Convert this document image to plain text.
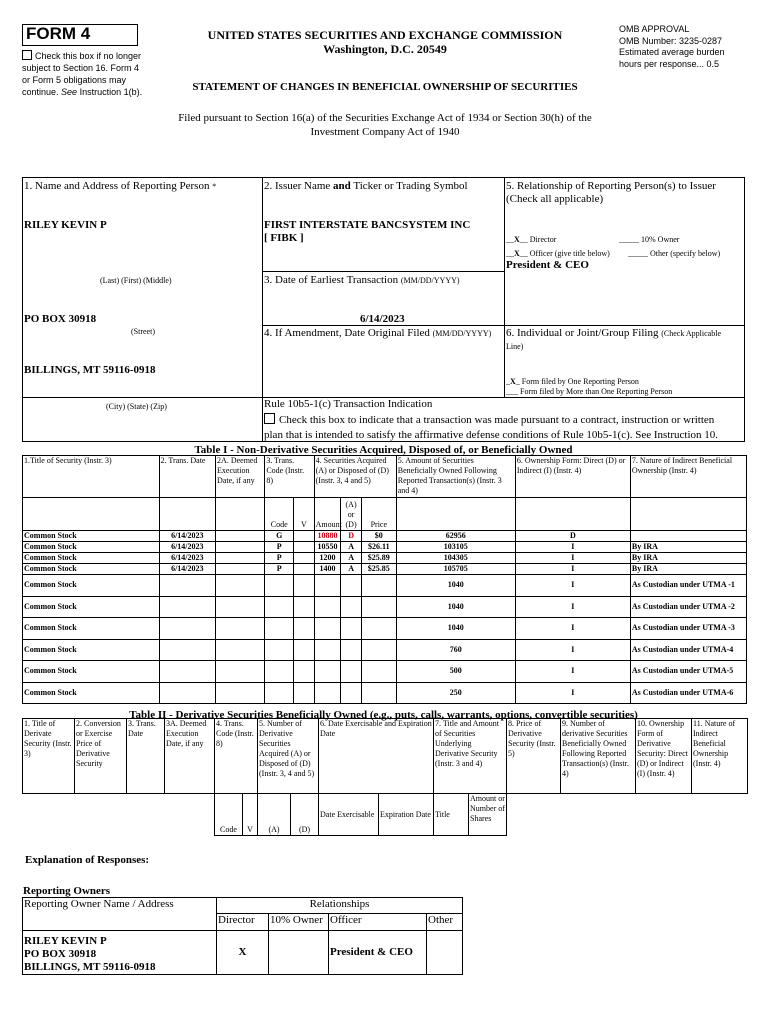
FORM 4
Check this box if no longer
subject to Section 16. Form 4
or Form 5 obligations may
continue. See Instruction 1(b).
UNITED STATES SECURITIES AND EXCHANGE COMMISSION
Washington, D.C. 20549
STATEMENT OF CHANGES IN BENEFICIAL OWNERSHIP OF SECURITIES
OMB APPROVAL
OMB Number: 3235-0287
Estimated average burden
hours per response... 0.5
Filed pursuant to Section 16(a) of the Securities Exchange Act of 1934 or Section 30(h) of the
Investment Company Act of 1940
1. Name and Address of Reporting Person *
RILEY KEVIN P
(Last) (First) (Middle)
PO BOX 30918
(Street)
BILLINGS, MT 59116-0918
(City) (State) (Zip)
2. Issuer Name and Ticker or Trading Symbol
FIRST INTERSTATE BANCSYSTEM INC
[ FIBK ]
3. Date of Earliest Transaction (MM/DD/YYYY)
6/14/2023
4. If Amendment, Date Original Filed (MM/DD/YYYY)
5. Relationship of Reporting Person(s) to Issuer
(Check all applicable)
__X__ Director	_____ 10% Owner
__X__ Officer (give title below) _____ Other (specify below)
President & CEO
6. Individual or Joint/Group Filing (Check Applicable
Line)
_X_ Form filed by One Reporting Person
___ Form filed by More than One Reporting Person
Rule 10b5-1(c) Transaction Indication
Check this box to indicate that a transaction was made pursuant to a contract, instruction or written
plan that is intended to satisfy the affirmative defense conditions of Rule 10b5-1(c). See Instruction 10.
Table I - Non-Derivative Securities Acquired, Disposed of, or Beneficially Owned
1.Title of Security (Instr. 3)	2. Trans. Date	2A. Deemed Execution Date, if any	3. Trans. Code (Instr. 8)		4. Securities Acquired (A) or Disposed of (D) (Instr. 3, 4 and 5)			5. Amount of Securities Beneficially Owned Following Reported Transaction(s) (Instr. 3 and 4)	6. Ownership Form: Direct (D) or Indirect (I) (Instr. 4)	7. Nature of Indirect Beneficial Ownership (Instr. 4)
			Code	V	Amount	(A) or (D)	Price			
Common Stock	6/14/2023		G		10880	D	$0	62956	D	
Common Stock	6/14/2023		P		10550	A	$26.11	103105	I	By IRA
Common Stock	6/14/2023		P		1200	A	$25.89	104305	I	By IRA
Common Stock	6/14/2023		P		1400	A	$25.85	105705	I	By IRA
Common Stock								1040	I	As Custodian under UTMA -1
Common Stock								1040	I	As Custodian under UTMA -2
Common Stock								1040	I	As Custodian under UTMA -3
Common Stock								760	I	As Custodian under UTMA-4
Common Stock								500	I	As Custodian under UTMA-5
Common Stock								250	I	As Custodian under UTMA-6
Table II - Derivative Securities Beneficially Owned (e.g., puts, calls, warrants, options, convertible securities)
1. Title of Derivate Security (Instr. 3)	2. Conversion or Exercise Price of Derivative Security	3. Trans. Date	3A. Deemed Execution Date, if any	4. Trans. Code (Instr. 8)		5. Number of Derivative Securities Acquired (A) or Disposed of (D) (Instr. 3, 4 and 5)		6. Date Exercisable and Expiration Date		7. Title and Amount of Securities Underlying Derivative Security (Instr. 3 and 4)		8. Price of Derivative Security (Instr. 5)	9. Number of derivative Securities Beneficially Owned Following Reported Transaction(s) (Instr. 4)	10. Ownership Form of Derivative Security: Direct (D) or Indirect (I) (Instr. 4)	11. Nature of Indirect Beneficial Ownership (Instr. 4)
				Code	V	(A)	(D)	Date Exercisable	Expiration Date	Title	Amount or Number of Shares				
Explanation of Responses:
Reporting Owners
Reporting Owner Name / Address	Relationships			
	Director	10% Owner	Officer	Other

RILEY KEVIN P
PO BOX 30918
BILLINGS, MT 59116-0918	X		President & CEO	
